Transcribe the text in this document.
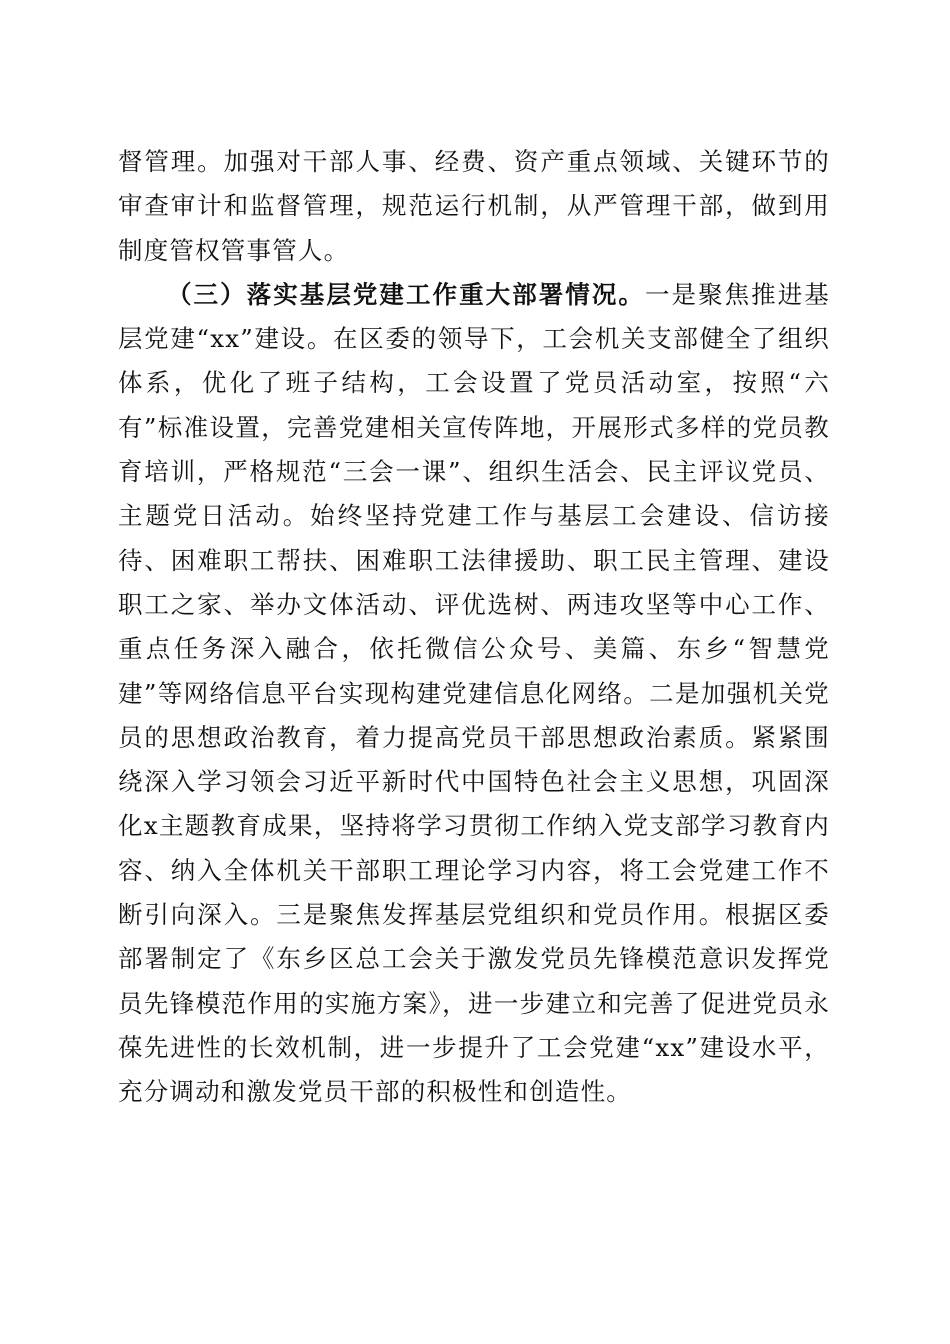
督管理。加强对干部人事、经费、资产重点领域、关键环节的审查审计和监督管理，规范运行机制，从严管理干部，做到用制度管权管事管人。

（三）落实基层党建工作重大部署情况。一是聚焦推进基层党建“xx”建设。在区委的领导下，工会机关支部健全了组织体系，优化了班子结构，工会设置了党员活动室，按照“六有”标准设置，完善党建相关宣传阵地，开展形式多样的党员教育培训，严格规范“三会一课”、组织生活会、民主评议党员、主题党日活动。始终坚持党建工作与基层工会建设、信访接待、困难职工帮扶、困难职工法律援助、职工民主管理、建设职工之家、举办文体活动、评优选树、两违攻坚等中心工作、重点任务深入融合，依托微信公众号、美篇、东乡“智慧党建”等网络信息平台实现构建党建信息化网络。二是加强机关党员的思想政治教育，着力提高党员干部思想政治素质。紧紧围绕深入学习领会习近平新时代中国特色社会主义思想，巩固深化x主题教育成果，坚持将学习贯彻工作纳入党支部学习教育内容、纳入全体机关干部职工理论学习内容，将工会党建工作不断引向深入。三是聚焦发挥基层党组织和党员作用。根据区委部署制定了《东乡区总工会关于激发党员先锋模范意识发挥党员先锋模范作用的实施方案》，进一步建立和完善了促进党员永葆先进性的长效机制，进一步提升了工会党建“xx”建设水平，充分调动和激发党员干部的积极性和创造性。
